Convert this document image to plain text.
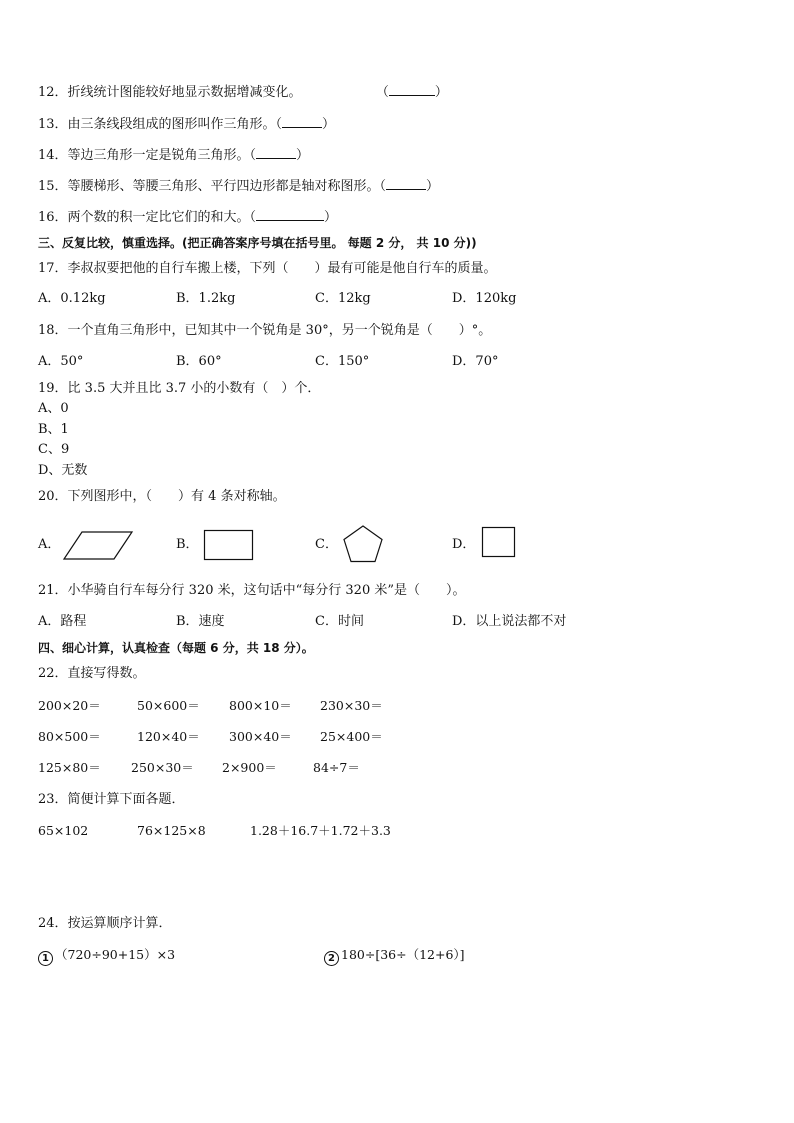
12．折线统计图能较好地显示数据增减变化。	（	）
13．由三条线段组成的图形叫作三角形。（	）
14．等边三角形一定是锐角三角形。（	）
15．等腰梯形、等腰三角形、平行四边形都是轴对称图形。（	）
16．两个数的积一定比它们的和大。（	）
三、反复比较，慎重选择。(把正确答案序号填在括号里。 每题 2 分， 共 10 分))
17．李叔叔要把他的自行车搬上楼，下列（　　）最有可能是他自行车的质量。
A．0.12kg	B．1.2kg	C．12kg	D．120kg
18．一个直角三角形中，已知其中一个锐角是 30°，另一个锐角是（　　）°。
A．50°	B．60°	C．150°	D．70°
19．比 3.5 大并且比 3.7 小的小数有（　）个．
A、0
B、1
C、9
D、无数
20．下列图形中，（　　）有 4 条对称轴。
A．	B．	C．	D．
21．小华骑自行车每分行 320 米，这句话中“每分行 320 米”是（　　）。
A．路程	B．速度	C．时间	D．以上说法都不对
四、细心计算，认真检查（每题 6 分，共 18 分）。
22．直接写得数。
200×20＝	50×600＝ 800×10＝ 230×30＝
80×500＝	120×40＝ 300×40＝ 25×400＝
125×80＝ 250×30＝ 2×900＝	84÷7＝
23．简便计算下面各题．
65×102	76×125×8	1.28＋16.7＋1.72＋3.3
24．按运算顺序计算．
1 （720÷90+15）×3	2 180÷[36÷（12+6）]
